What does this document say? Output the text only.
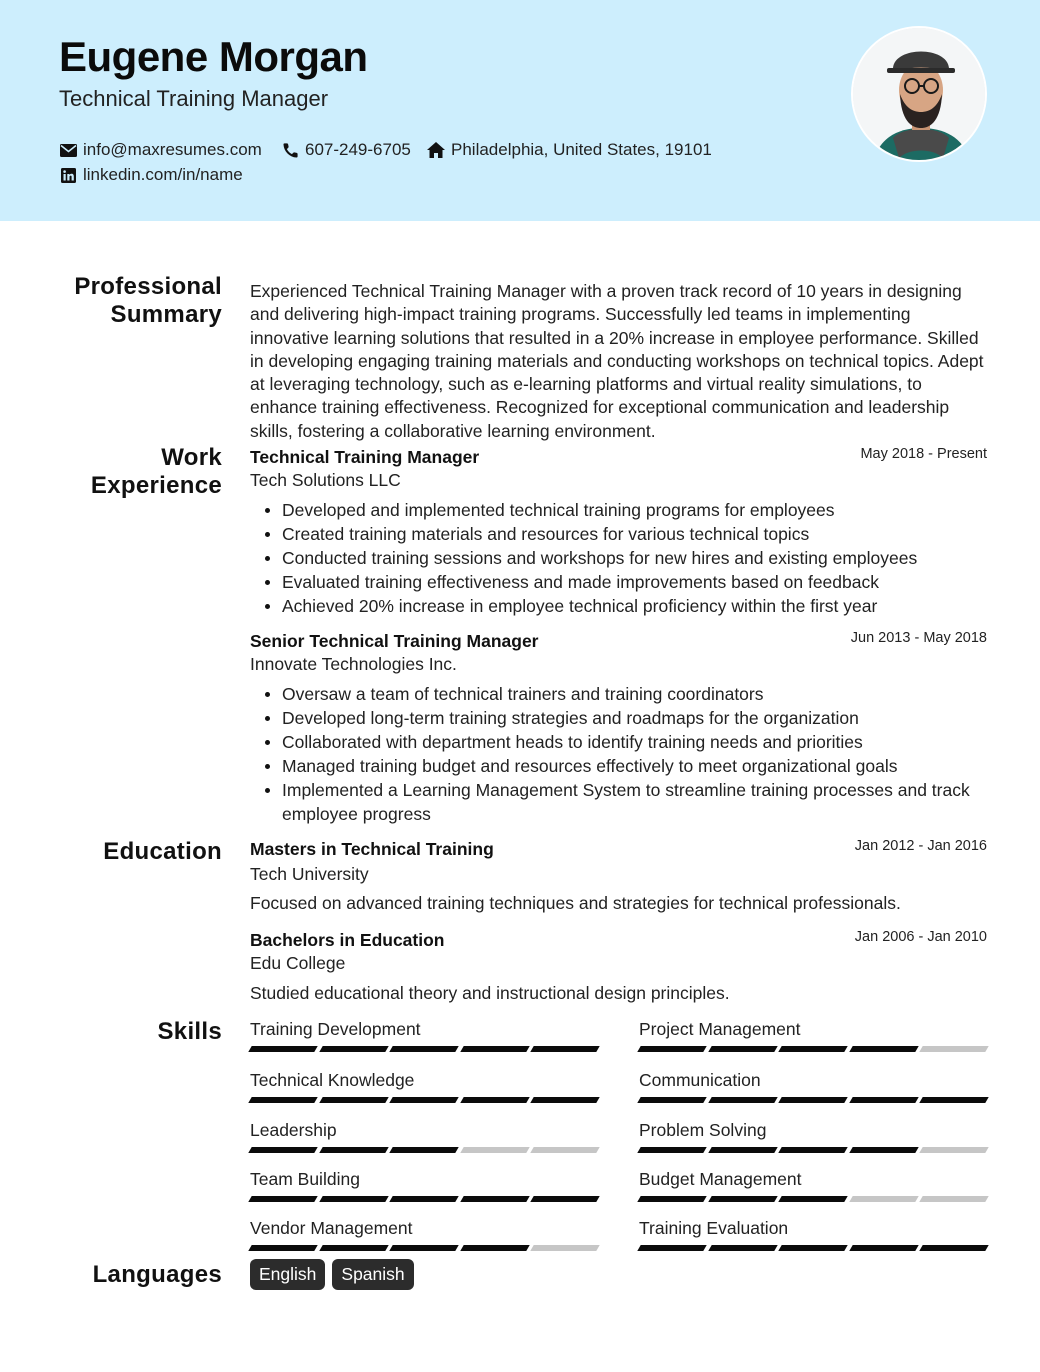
Eugene Morgan
Technical Training Manager
info@maxresumes.com	607-249-6705 Philadelphia, United States, 19101
linkedin.com/in/name
Professional
Summary
Experienced Technical Training Manager with a proven track record of 10 years in designing and delivering high-impact training programs. Successfully led teams in implementing innovative learning solutions that resulted in a 20% increase in employee performance. Skilled in developing engaging training materials and conducting workshops on technical topics. Adept at leveraging technology, such as e-learning platforms and virtual reality simulations, to enhance training effectiveness. Recognized for exceptional communication and leadership skills, fostering a collaborative learning environment.
Work
Experience
Technical Training Manager	May 2018 - Present
Tech Solutions LLC
Developed and implemented technical training programs for employees
Created training materials and resources for various technical topics
Conducted training sessions and workshops for new hires and existing employees
Evaluated training effectiveness and made improvements based on feedback
Achieved 20% increase in employee technical proficiency within the first year
Senior Technical Training Manager	Jun 2013 - May 2018
Innovate Technologies Inc.
Oversaw a team of technical trainers and training coordinators
Developed long-term training strategies and roadmaps for the organization
Collaborated with department heads to identify training needs and priorities
Managed training budget and resources effectively to meet organizational goals
Implemented a Learning Management System to streamline training processes and track employee progress
Education Masters in Technical Training	Jan 2012 - Jan 2016
Tech University
Focused on advanced training techniques and strategies for technical professionals.
Bachelors in Education	Jan 2006 - Jan 2010
Edu College
Studied educational theory and instructional design principles.
Skills Training Development	Project Management
Technical Knowledge	Communication
Leadership	Problem Solving
Team Building	Budget Management
Vendor Management	Training Evaluation
Languages	English	Spanish
